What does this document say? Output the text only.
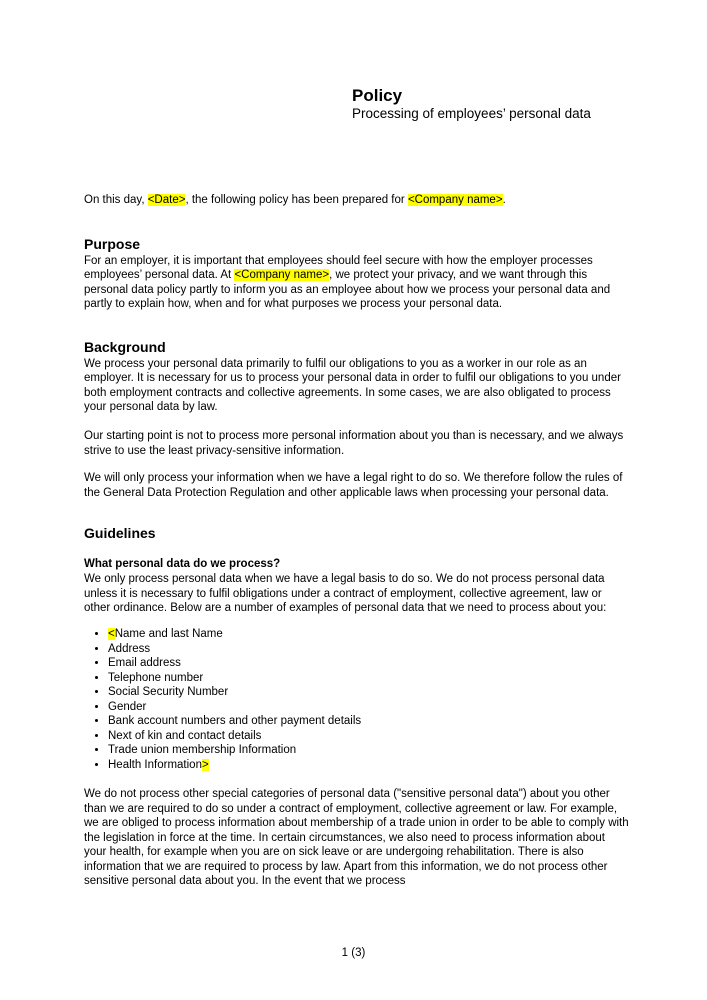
Policy
Processing of employees’ personal data

On this day, <Date>, the following policy has been prepared for <Company name>.

Purpose

For an employer, it is important that employees should feel secure with how the employer processes employees’ personal data. At <Company name>, we protect your privacy, and we want through this personal data policy partly to inform you as an employee about how we process your personal data and partly to explain how, when and for what purposes we process your personal data.

Background

We process your personal data primarily to fulfil our obligations to you as a worker in our role as an employer. It is necessary for us to process your personal data in order to fulfil our obligations to you under both employment contracts and collective agreements. In some cases, we are also obligated to process your personal data by law.

Our starting point is not to process more personal information about you than is necessary, and we always strive to use the least privacy-sensitive information.

We will only process your information when we have a legal right to do so. We therefore follow the rules of the General Data Protection Regulation and other applicable laws when processing your personal data.

Guidelines
What personal data do we process?

We only process personal data when we have a legal basis to do so. We do not process personal data unless it is necessary to fulfil obligations under a contract of employment, collective agreement, law or other ordinance. Below are a number of examples of personal data that we need to process about you:

• <Name and last Name
• Address
• Email address
• Telephone number
• Social Security Number
• Gender
• Bank account numbers and other payment details
• Next of kin and contact details
• Trade union membership Information
• Health Information>

We do not process other special categories of personal data ("sensitive personal data") about you other than we are required to do so under a contract of employment, collective agreement or law. For example, we are obliged to process information about membership of a trade union in order to be able to comply with the legislation in force at the time. In certain circumstances, we also need to process information about your health, for example when you are on sick leave or are undergoing rehabilitation. There is also information that we are required to process by law. Apart from this information, we do not process other sensitive personal data about you. In the event that we process

1 (3)
